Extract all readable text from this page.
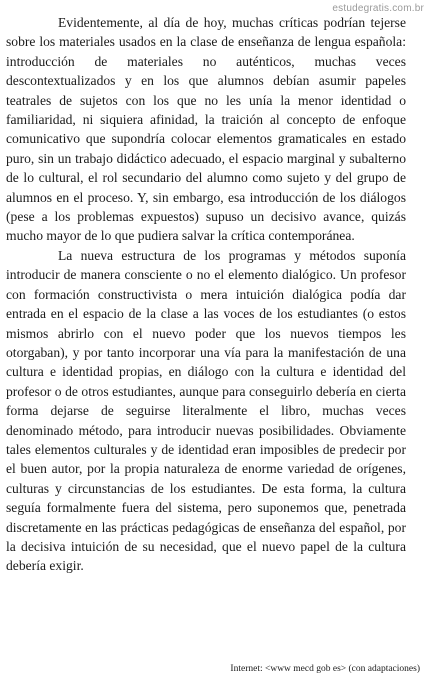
estudegratis.com.br

Evidentemente, al día de hoy, muchas críticas podrían tejerse sobre los materiales usados en la clase de enseñanza de lengua española: introducción de materiales no auténticos, muchas veces descontextualizados y en los que alumnos debían asumir papeles teatrales de sujetos con los que no les unía la menor identidad o familiaridad, ni siquiera afinidad, la traición al concepto de enfoque comunicativo que supondría colocar elementos gramaticales en estado puro, sin un trabajo didáctico adecuado, el espacio marginal y subalterno de lo cultural, el rol secundario del alumno como sujeto y del grupo de alumnos en el proceso. Y, sin embargo, esa introducción de los diálogos (pese a los problemas expuestos) supuso un decisivo avance, quizás mucho mayor de lo que pudiera salvar la crítica contemporánea.

La nueva estructura de los programas y métodos suponía introducir de manera consciente o no el elemento dialógico. Un profesor con formación constructivista o mera intuición dialógica podía dar entrada en el espacio de la clase a las voces de los estudiantes (o estos mismos abrirlo con el nuevo poder que los nuevos tiempos les otorgaban), y por tanto incorporar una vía para la manifestación de una cultura e identidad propias, en diálogo con la cultura e identidad del profesor o de otros estudiantes, aunque para conseguirlo debería en cierta forma dejarse de seguirse literalmente el libro, muchas veces denominado método, para introducir nuevas posibilidades. Obviamente tales elementos culturales y de identidad eran imposibles de predecir por el buen autor, por la propia naturaleza de enorme variedad de orígenes, culturas y circunstancias de los estudiantes. De esta forma, la cultura seguía formalmente fuera del sistema, pero suponemos que, penetrada discretamente en las prácticas pedagógicas de enseñanza del español, por la decisiva intuición de su necesidad, que el nuevo papel de la cultura debería exigir.

Internet: <www mecd gob es> (con adaptaciones)
